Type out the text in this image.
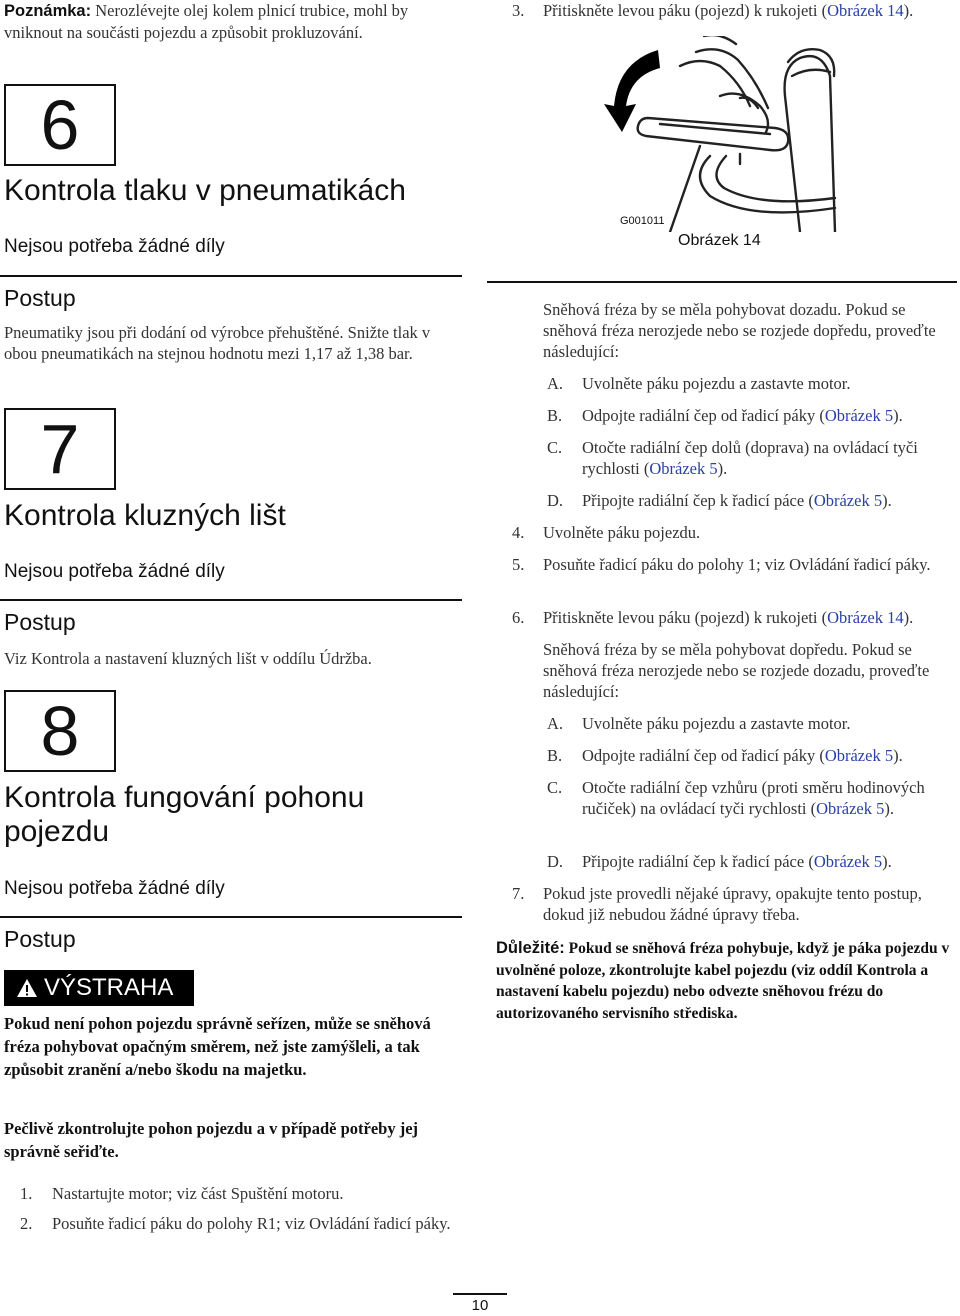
Poznámka: Nerozlévejte olej kolem plnicí trubice, mohl by vniknout na součásti pojezdu a způsobit prokluzování.
6
Kontrola tlaku v pneumatikách
Nejsou potřeba žádné díly
Postup
Pneumatiky jsou při dodání od výrobce přehuštěné. Snižte tlak v obou pneumatikách na stejnou hodnotu mezi 1,17 až 1,38 bar.
7
Kontrola kluzných lišt
Nejsou potřeba žádné díly
Postup
Viz Kontrola a nastavení kluzných lišt v oddílu Údržba.
8
Kontrola fungování pohonu
pojezdu
Nejsou potřeba žádné díly
Postup
VÝSTRAHA
Pokud není pohon pojezdu správně seřízen, může se sněhová fréza pohybovat opačným směrem, než jste zamýšleli, a tak způsobit zranění a/nebo škodu na majetku.
Pečlivě zkontrolujte pohon pojezdu a v případě potřeby jej správně seřiďte.
1. Nastartujte motor; viz část Spuštění motoru.
2. Posuňte řadicí páku do polohy R1; viz Ovládání řadicí páky.
3. Přitiskněte levou páku (pojezd) k rukojeti (Obrázek 14).
G001011
Obrázek 14
Sněhová fréza by se měla pohybovat dozadu. Pokud se sněhová fréza nerozjede nebo se rozjede dopředu, proveďte následující:
A. Uvolněte páku pojezdu a zastavte motor.
B. Odpojte radiální čep od řadicí páky (Obrázek 5).
C. Otočte radiální čep dolů (doprava) na ovládací tyči rychlosti (Obrázek 5).
D. Připojte radiální čep k řadicí páce (Obrázek 5).
4. Uvolněte páku pojezdu.
5. Posuňte řadicí páku do polohy 1; viz Ovládání řadicí páky.
6. Přitiskněte levou páku (pojezd) k rukojeti (Obrázek 14).
Sněhová fréza by se měla pohybovat dopředu. Pokud se sněhová fréza nerozjede nebo se rozjede dozadu, proveďte následující:
A. Uvolněte páku pojezdu a zastavte motor.
B. Odpojte radiální čep od řadicí páky (Obrázek 5).
C. Otočte radiální čep vzhůru (proti směru hodinových ručiček) na ovládací tyči rychlosti (Obrázek 5).
D. Připojte radiální čep k řadicí páce (Obrázek 5).
7. Pokud jste provedli nějaké úpravy, opakujte tento postup, dokud již nebudou žádné úpravy třeba.
Důležité: Pokud se sněhová fréza pohybuje, když je páka pojezdu v uvolněné poloze, zkontrolujte kabel pojezdu (viz oddíl Kontrola a nastavení kabelu pojezdu) nebo odvezte sněhovou frézu do autorizovaného servisního střediska.
10
